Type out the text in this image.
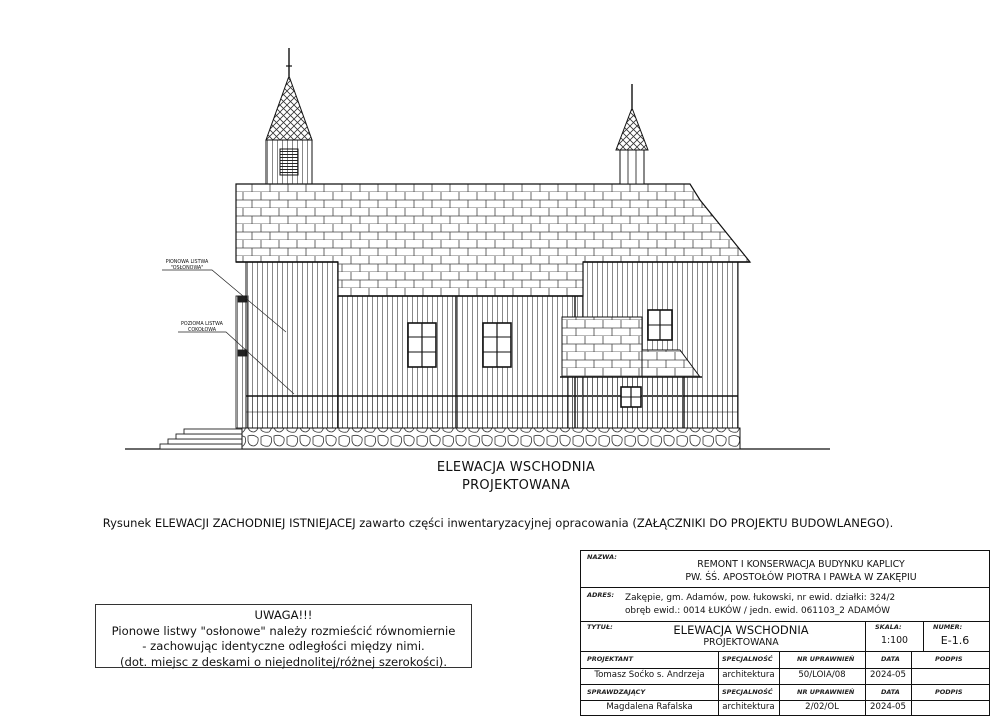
PIONOWA LISTWA
"OSŁONOWA"
POZIOMA LISTWA
COKOŁOWA
ELEWACJA WSCHODNIA
PROJEKTOWANA
Rysunek ELEWACJI ZACHODNIEJ ISTNIEJACEJ zawarto części inwentaryzacyjnej opracowania (ZAŁĄCZNIKI DO PROJEKTU BUDOWLANEGO).
UWAGA!!!
Pionowe listwy "osłonowe" należy rozmieścić równomiernie
- zachowując identyczne odległości między nimi.
(dot. miejsc z deskami o niejednolitej/różnej szerokości).
NAZWA:
REMONT I KONSERWACJA BUDYNKU KAPLICY
PW. ŚŚ. APOSTOŁÓW PIOTRA I PAWŁA W ZAKĘPIU
ADRES: Zakępie, gm. Adamów, pow. łukowski, nr ewid. działki: 324/2
obręb ewid.: 0014 ŁUKÓW / jedn. ewid. 061103_2 ADAMÓW
TYTUŁ:	ELEWACJA WSCHODNIA
PROJEKTOWANA
SKALA:
1:100
NUMER:
E-1.6
PROJEKTANT	SPECJALNOŚĆ	NR UPRAWNIEŃ	DATA	PODPIS
Tomasz Soćko s. Andrzeja	architektura	50/LOIA/08	2024-05
SPRAWDZAJĄCY	SPECJALNOŚĆ	NR UPRAWNIEŃ	DATA	PODPIS
Magdalena Rafalska	architektura	2/02/OL	2024-05
